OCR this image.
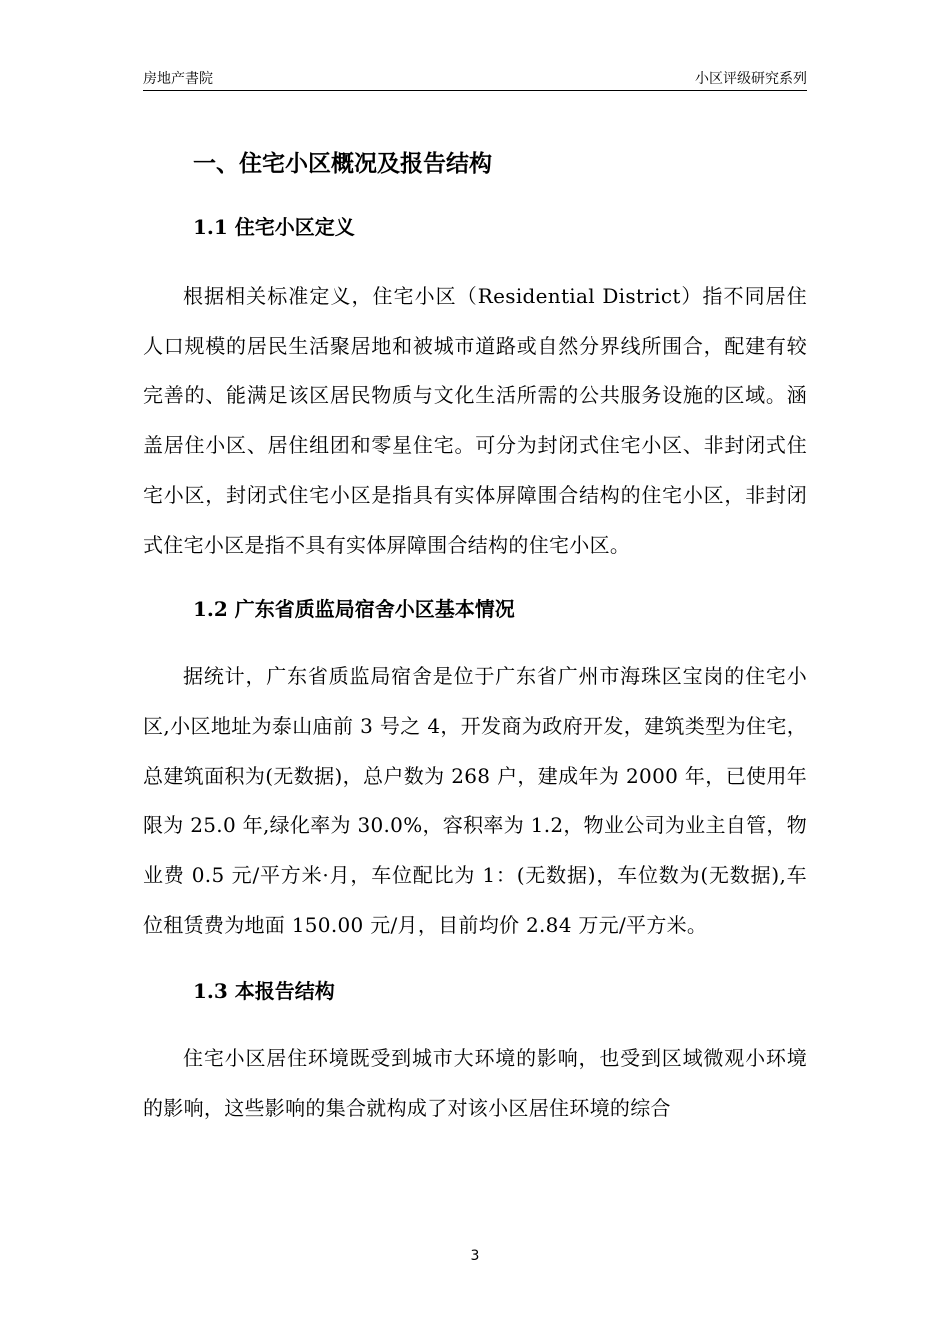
房地产書院	小区评级研究系列
一、住宅小区概况及报告结构
1.1 住宅小区定义

根据相关标准定义，住宅小区（Residential District）指不同居住人口规模的居民生活聚居地和被城市道路或自然分界线所围合，配建有较完善的、能满足该区居民物质与文化生活所需的公共服务设施的区域。涵盖居住小区、居住组团和零星住宅。可分为封闭式住宅小区、非封闭式住宅小区，封闭式住宅小区是指具有实体屏障围合结构的住宅小区，非封闭式住宅小区是指不具有实体屏障围合结构的住宅小区。

1.2 广东省质监局宿舍小区基本情况

据统计，广东省质监局宿舍是位于广东省广州市海珠区宝岗的住宅小区,小区地址为泰山庙前 3 号之 4，开发商为政府开发，建筑类型为住宅，总建筑面积为(无数据)，总户数为 268 户，建成年为 2000 年，已使用年限为 25.0 年,绿化率为 30.0%，容积率为 1.2，物业公司为业主自管，物业费 0.5 元/平方米·月，车位配比为 1：(无数据)，车位数为(无数据),车位租赁费为地面 150.00 元/月，目前均价 2.84 万元/平方米。

1.3 本报告结构

住宅小区居住环境既受到城市大环境的影响，也受到区域微观小环境的影响，这些影响的集合就构成了对该小区居住环境的综合

3
